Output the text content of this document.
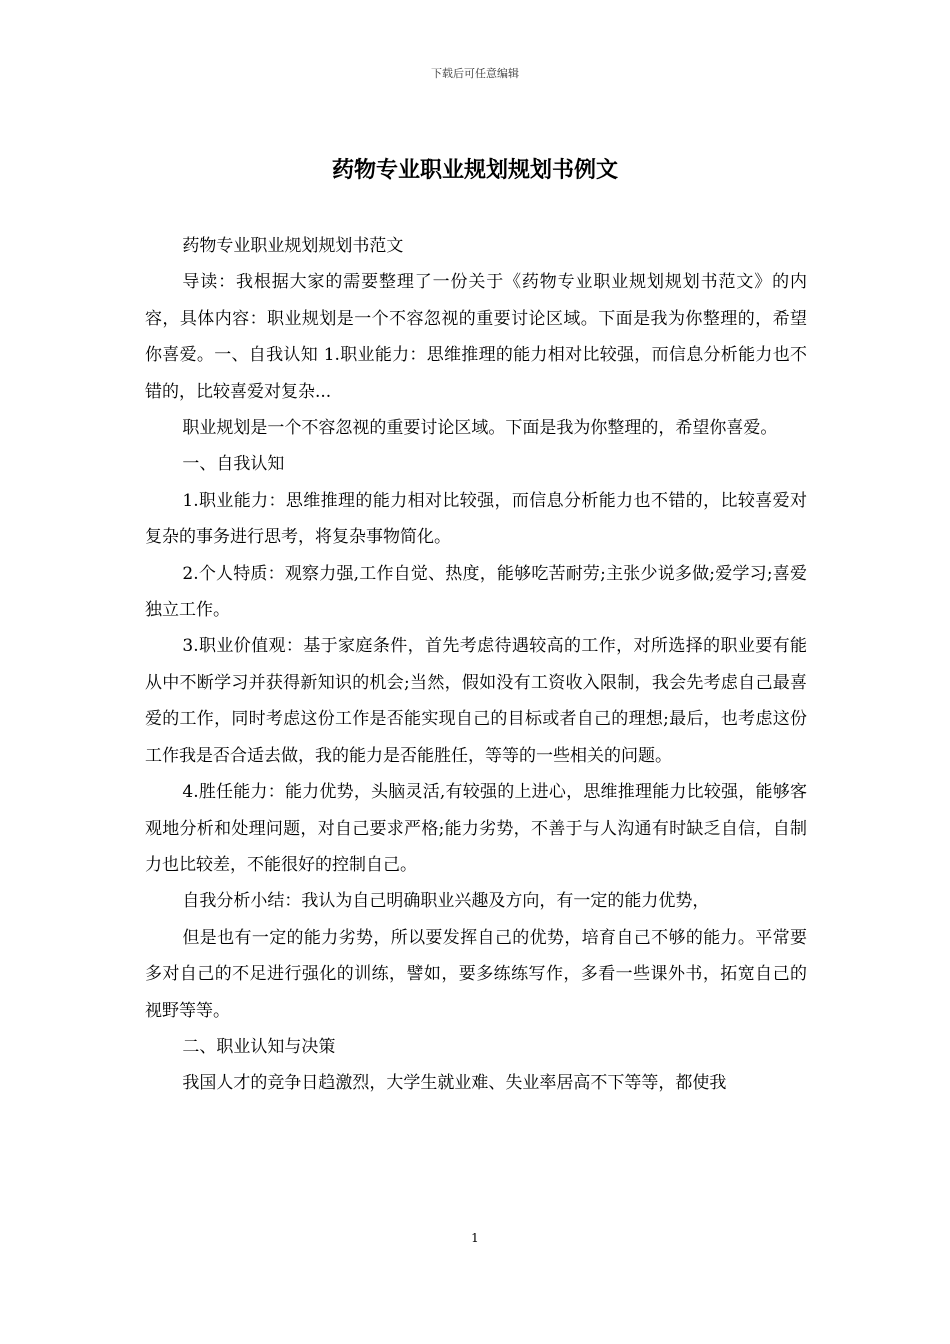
下载后可任意编辑
药物专业职业规划规划书例文

药物专业职业规划规划书范文

导读：我根据大家的需要整理了一份关于《药物专业职业规划规划书范文》的内容，具体内容：职业规划是一个不容忽视的重要讨论区域。下面是我为你整理的，希望你喜爱。一、自我认知 1.职业能力：思维推理的能力相对比较强，而信息分析能力也不错的，比较喜爱对复杂...

职业规划是一个不容忽视的重要讨论区域。下面是我为你整理的，希望你喜爱。

一、自我认知

1.职业能力：思维推理的能力相对比较强，而信息分析能力也不错的，比较喜爱对复杂的事务进行思考，将复杂事物简化。

2.个人特质：观察力强,工作自觉、热度，能够吃苦耐劳;主张少说多做;爱学习;喜爱独立工作。

3.职业价值观：基于家庭条件，首先考虑待遇较高的工作，对所选择的职业要有能从中不断学习并获得新知识的机会;当然，假如没有工资收入限制，我会先考虑自己最喜爱的工作，同时考虑这份工作是否能实现自己的目标或者自己的理想;最后，也考虑这份工作我是否合适去做，我的能力是否能胜任，等等的一些相关的问题。

4.胜任能力：能力优势，头脑灵活,有较强的上进心，思维推理能力比较强，能够客观地分析和处理问题，对自己要求严格;能力劣势，不善于与人沟通有时缺乏自信，自制力也比较差，不能很好的控制自己。

自我分析小结：我认为自己明确职业兴趣及方向，有一定的能力优势，

但是也有一定的能力劣势，所以要发挥自己的优势，培育自己不够的能力。平常要多对自己的不足进行强化的训练，譬如，要多练练写作，多看一些课外书，拓宽自己的视野等等。

二、职业认知与决策

我国人才的竞争日趋激烈，大学生就业难、失业率居高不下等等，都使我

1
